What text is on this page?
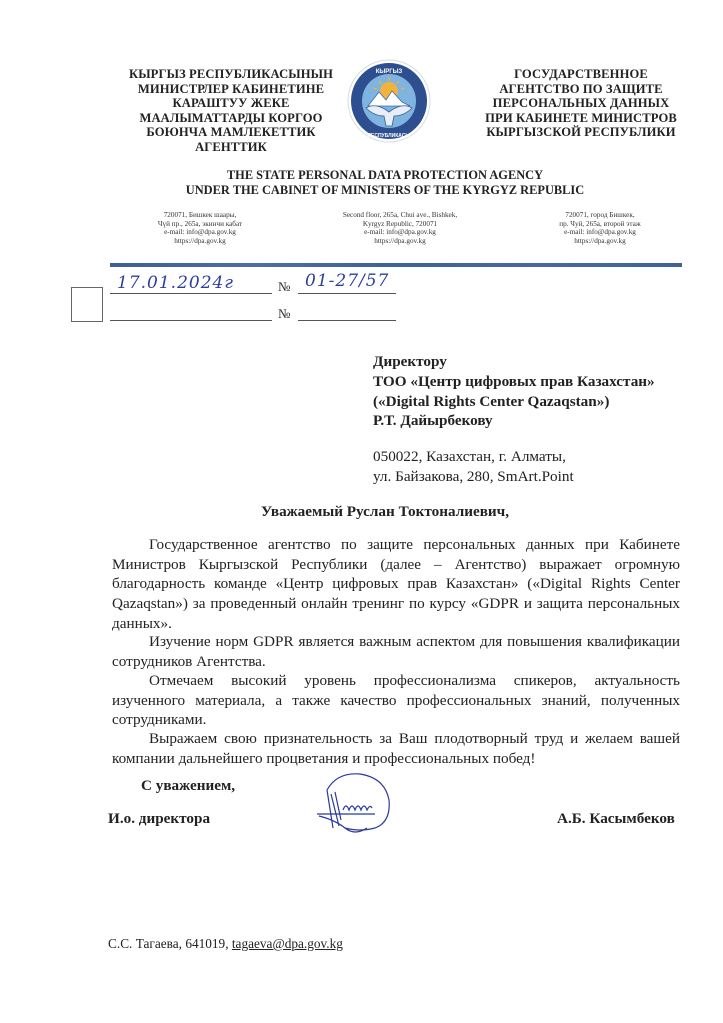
КЫРГЫЗ РЕСПУБЛИКАСЫНЫН
МИНИСТРЛЕР КАБИНЕТИНЕ
КАРАШТУУ ЖЕКЕ
МААЛЫМАТТАРДЫ КОРГОО
БОЮНЧА МАМЛЕКЕТТИК
АГЕНТТИК
КЫРГЫЗ
РЕСПУБЛИКАСЫ
ГОСУДАРСТВЕННОЕ
АГЕНТСТВО ПО ЗАЩИТЕ
ПЕРСОНАЛЬНЫХ ДАННЫХ
ПРИ КАБИНЕТЕ МИНИСТРОВ
КЫРГЫЗСКОЙ РЕСПУБЛИКИ
THE STATE PERSONAL DATA PROTECTION AGENCY
UNDER THE CABINET OF MINISTERS OF THE KYRGYZ REPUBLIC
720071, Бишкек шаары,
Чүй пр., 265а, экинчи кабат
e-mail: info@dpa.gov.kg
https://dpa.gov.kg
Second floor, 265a, Chui ave., Bishkek,
Kyrgyz Republic, 720071
e-mail: info@dpa.gov.kg
https://dpa.gov.kg
720071, город Бишкек,
пр. Чуй, 265а, второй этаж
e-mail: info@dpa.gov.kg
https://dpa.gov.kg
17.01.2024г	№ 01-27/57
№
Директору
ТОО «Центр цифровых прав Казахстан»
(«Digital Rights Center Qazaqstan»)
Р.Т. Дайырбекову
050022, Казахстан, г. Алматы,
ул. Байзакова, 280, SmArt.Point
Уважаемый Руслан Токтоналиевич,

Государственное агентство по защите персональных данных при Кабинете Министров Кыргызской Республики (далее – Агентство) выражает огромную благодарность команде «Центр цифровых прав Казахстан» («Digital Rights Center Qazaqstan») за проведенный онлайн тренинг по курсу «GDPR и защита персональных данных».

Изучение норм GDPR является важным аспектом для повышения квалификации сотрудников Агентства.

Отмечаем высокий уровень профессионализма спикеров, актуальность изученного материала, а также качество профессиональных знаний, полученных сотрудниками.

Выражаем свою признательность за Ваш плодотворный труд и желаем вашей компании дальнейшего процветания и профессиональных побед!

С уважением,
И.о. директора	А.Б. Касымбеков
С.С. Тагаева, 641019, tagaeva@dpa.gov.kg
